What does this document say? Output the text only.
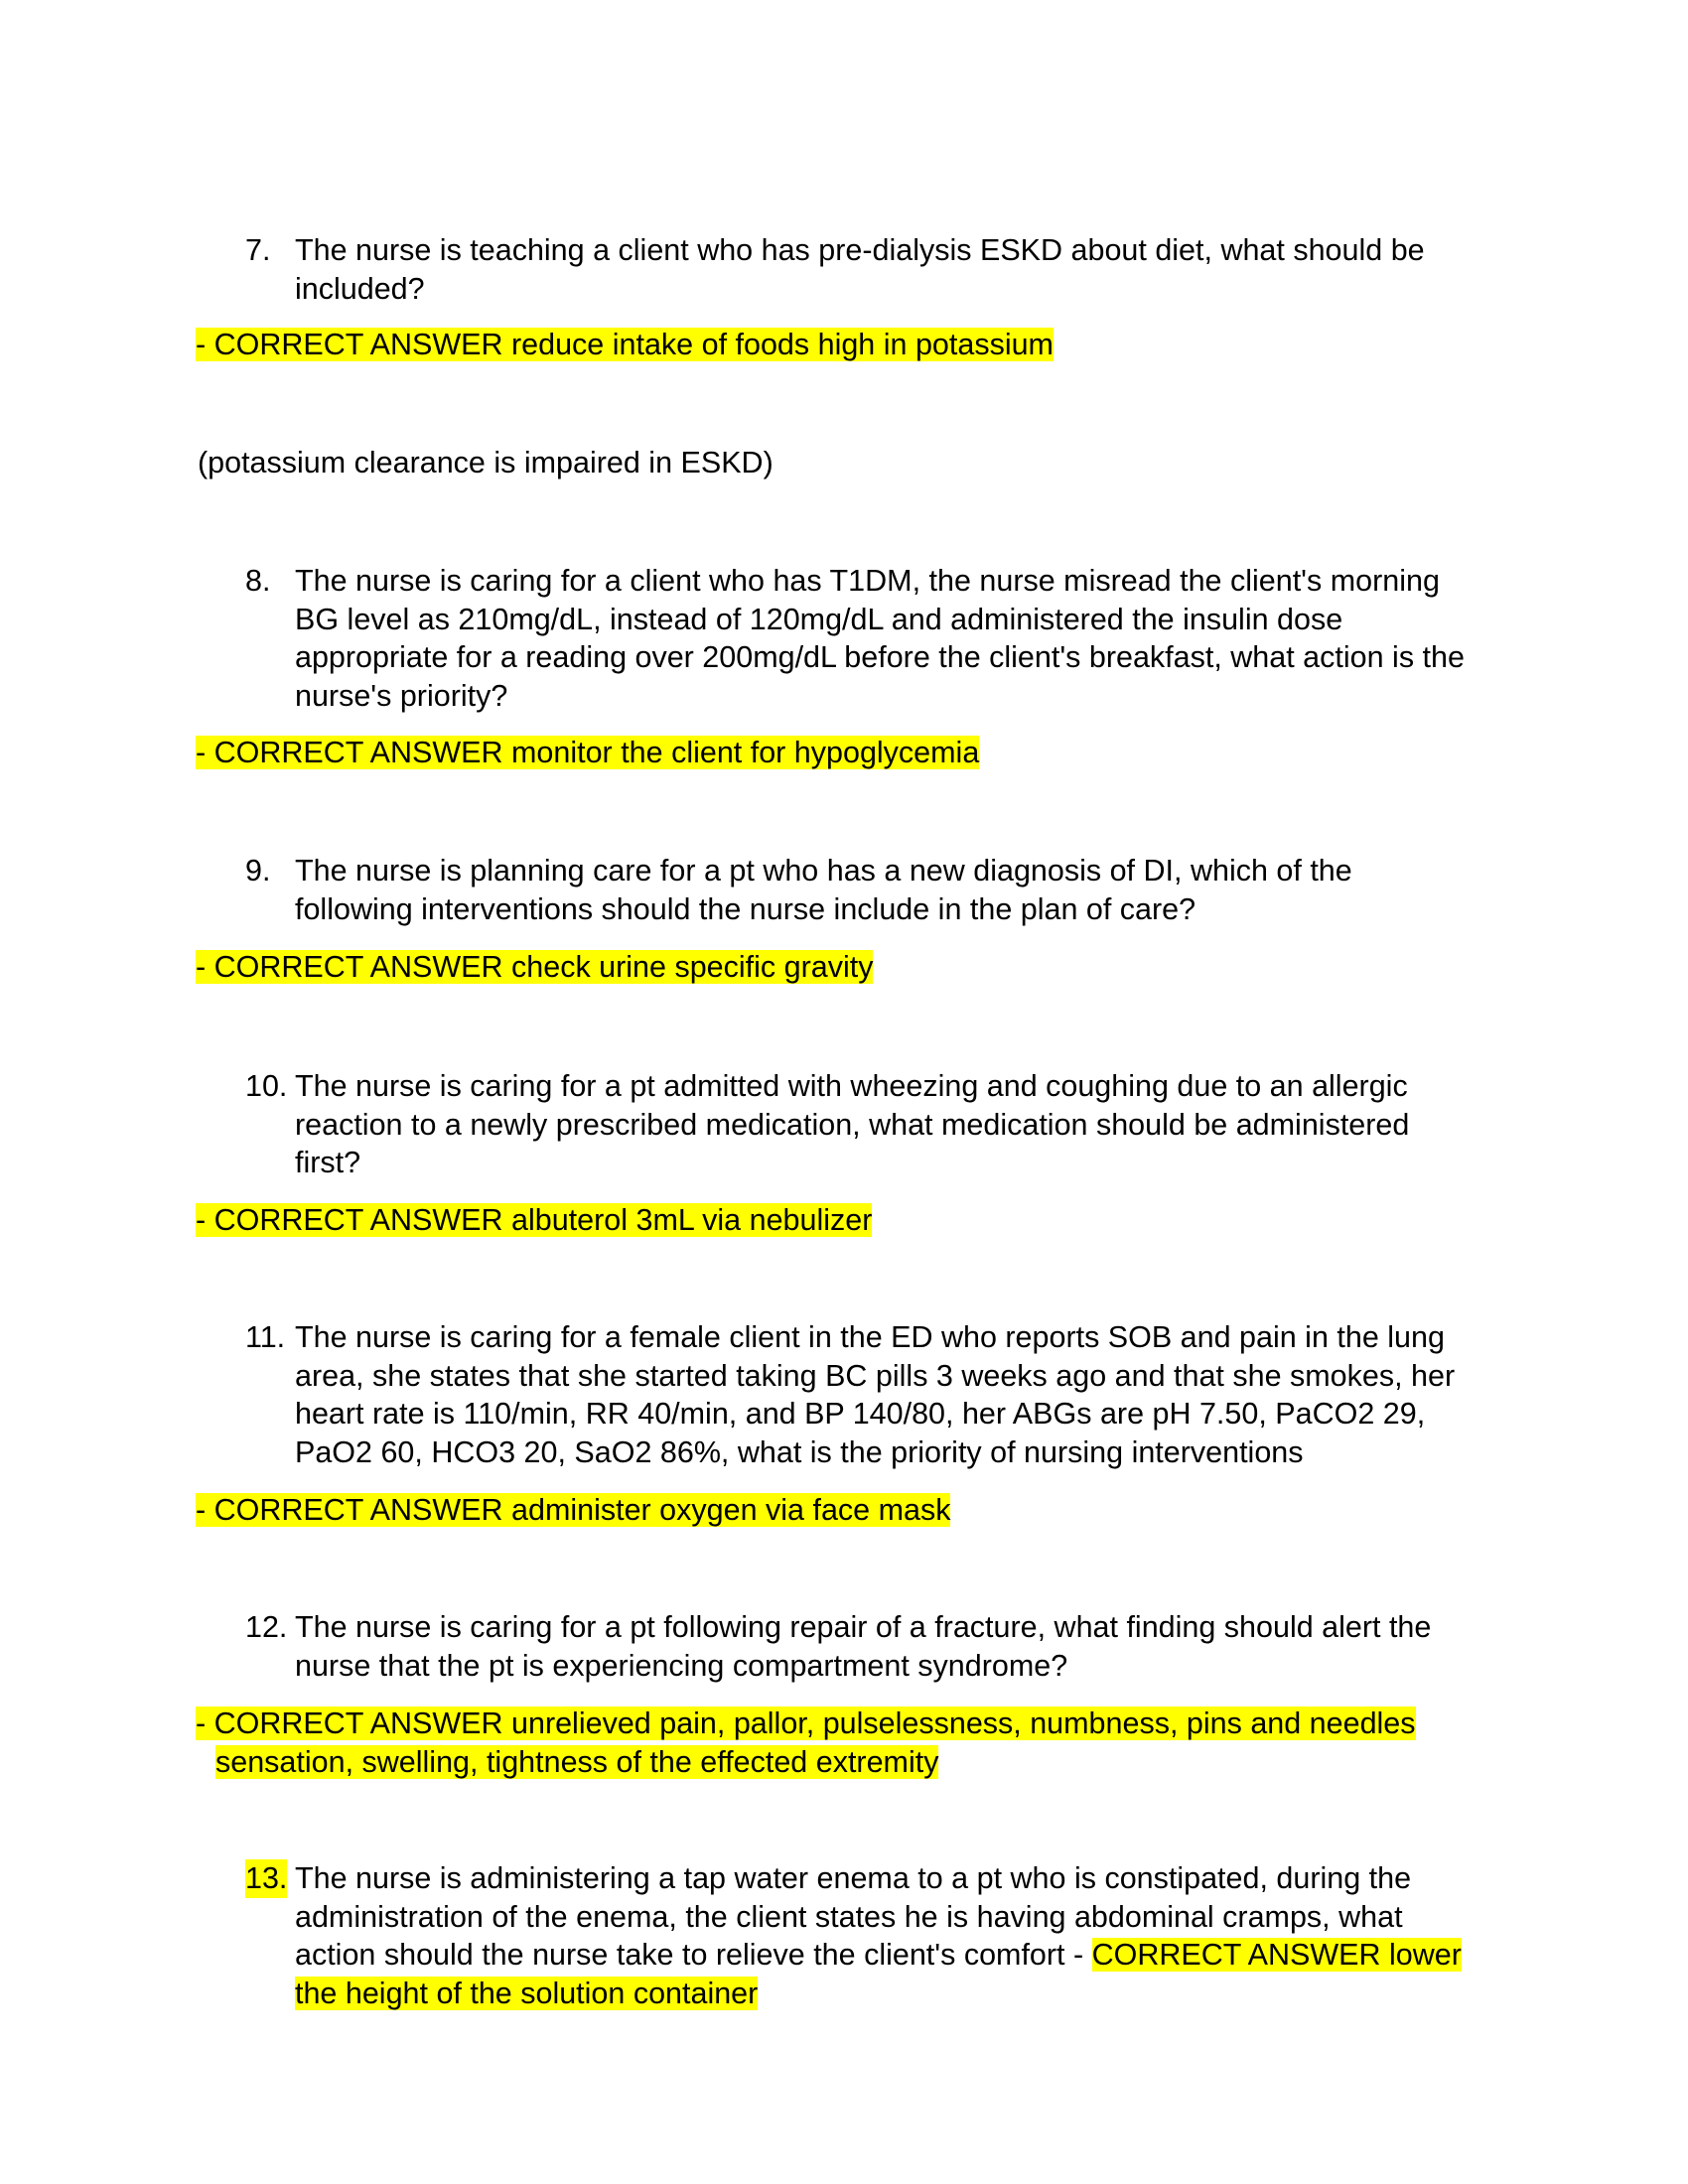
7. The nurse is teaching a client who has pre-dialysis ESKD about diet, what should be
included?
- CORRECT ANSWER reduce intake of foods high in potassium
(potassium clearance is impaired in ESKD)
8. The nurse is caring for a client who has T1DM, the nurse misread the client's morning
BG level as 210mg/dL, instead of 120mg/dL and administered the insulin dose
appropriate for a reading over 200mg/dL before the client's breakfast, what action is the
nurse's priority?
- CORRECT ANSWER monitor the client for hypoglycemia
9. The nurse is planning care for a pt who has a new diagnosis of DI, which of the
following interventions should the nurse include in the plan of care?
- CORRECT ANSWER check urine specific gravity
10. The nurse is caring for a pt admitted with wheezing and coughing due to an allergic
reaction to a newly prescribed medication, what medication should be administered
first?
- CORRECT ANSWER albuterol 3mL via nebulizer
11. The nurse is caring for a female client in the ED who reports SOB and pain in the lung
area, she states that she started taking BC pills 3 weeks ago and that she smokes, her
heart rate is 110/min, RR 40/min, and BP 140/80, her ABGs are pH 7.50, PaCO2 29,
PaO2 60, HCO3 20, SaO2 86%, what is the priority of nursing interventions
- CORRECT ANSWER administer oxygen via face mask
12. The nurse is caring for a pt following repair of a fracture, what finding should alert the
nurse that the pt is experiencing compartment syndrome?
- CORRECT ANSWER unrelieved pain, pallor, pulselessness, numbness, pins and needles
sensation, swelling, tightness of the effected extremity
13. The nurse is administering a tap water enema to a pt who is constipated, during the
administration of the enema, the client states he is having abdominal cramps, what
action should the nurse take to relieve the client's comfort - CORRECT ANSWER lower
the height of the solution container
